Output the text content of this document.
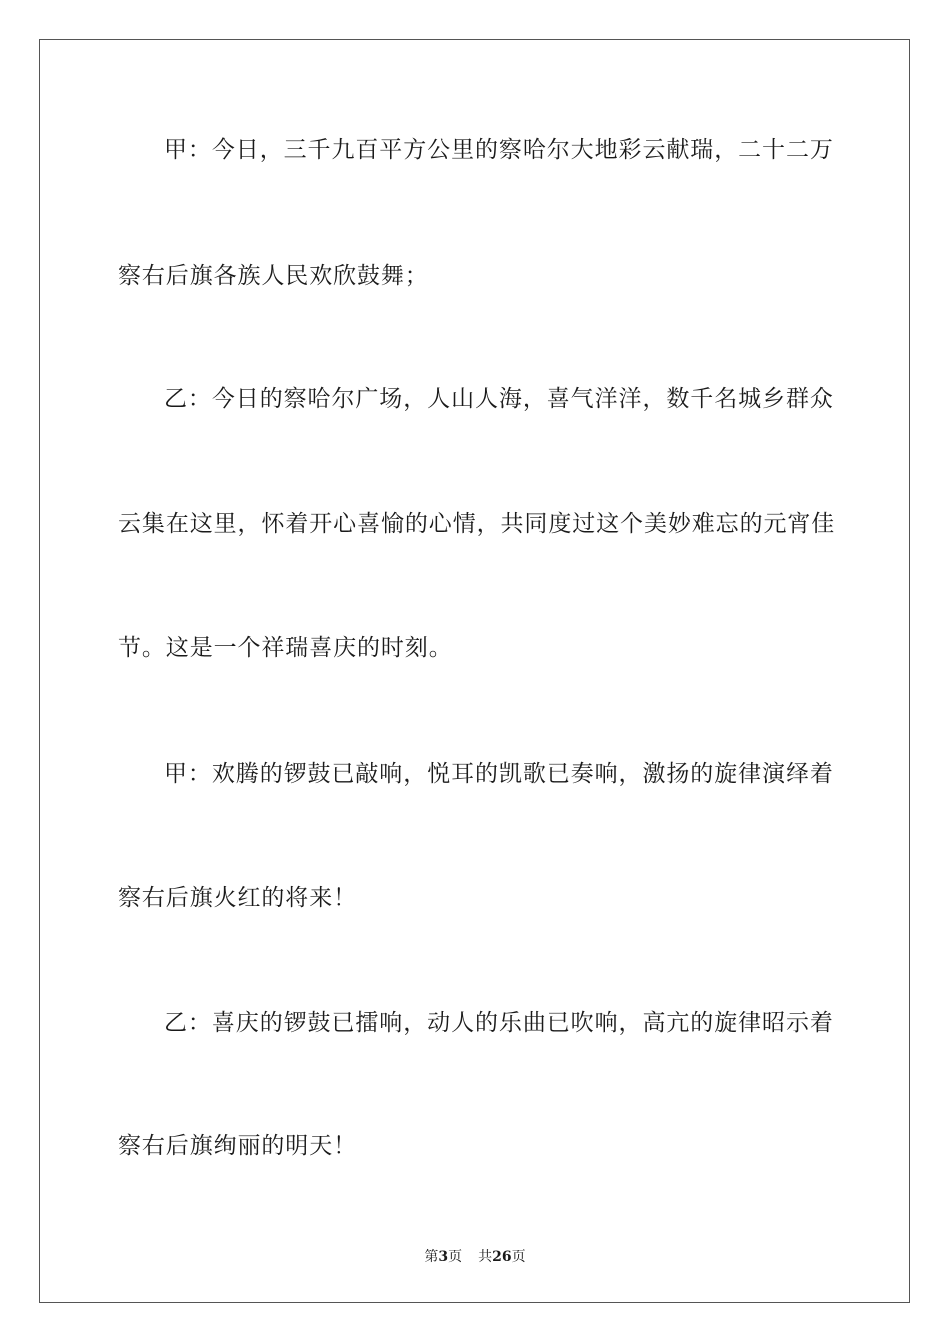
甲 ： 今 日 ， 三 千 九 百 平 方 公 里 的 察 哈 尔 大 地 彩 云 献 瑞 ， 二 十 二 万
察右后旗各族人民欢欣鼓舞；
乙 ： 今 日 的 察 哈 尔 广 场 ， 人 山 人 海 ， 喜 气 洋 洋 ， 数 千 名 城 乡 群 众
云 集 在 这 里 ， 怀 着 开 心 喜 愉 的 心 情 ， 共 同 度 过 这 个 美 妙 难 忘 的 元 宵 佳
节。这是一个祥瑞喜庆的时刻。
甲 ： 欢 腾 的 锣 鼓 已 敲 响 ， 悦 耳 的 凯 歌 已 奏 响 ， 激 扬 的 旋 律 演 绎 着
察右后旗火红的将来！
乙 ： 喜 庆 的 锣 鼓 已 擂 响 ， 动 人 的 乐 曲 已 吹 响 ， 高 亢 的 旋 律 昭 示 着
察右后旗绚丽的明天！
第3页 共26页
